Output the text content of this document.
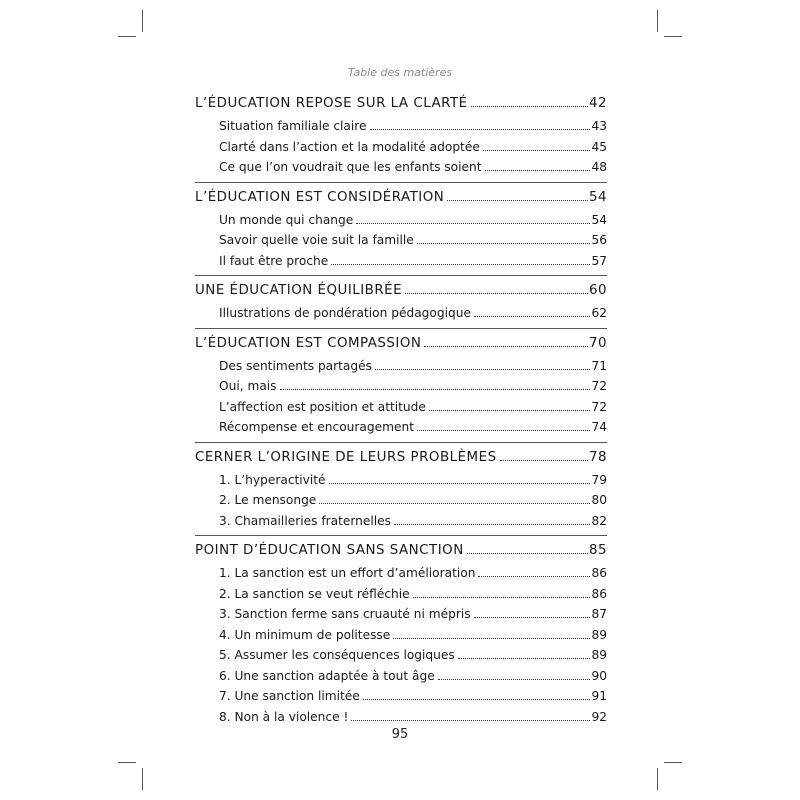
Table des matières
L’ÉDUCATION REPOSE SUR LA CLARTÉ	42
Situation familiale claire	43
Clarté dans l’action et la modalité adoptée	45
Ce que l’on voudrait que les enfants soient	48
L’ÉDUCATION EST CONSIDÉRATION	54
Un monde qui change	54
Savoir quelle voie suit la famille	56
Il faut être proche	57
UNE ÉDUCATION ÉQUILIBRÉE	60
Illustrations de pondération pédagogique	62
L’ÉDUCATION EST COMPASSION	70
Des sentiments partagés	71
Oui, mais	72
L’affection est position et attitude	72
Récompense et encouragement	74
CERNER L’ORIGINE DE LEURS PROBLÈMES	78
1. L’hyperactivité	79
2. Le mensonge	80
3. Chamailleries fraternelles	82
POINT D’ÉDUCATION SANS SANCTION	85
1. La sanction est un effort d’amélioration	86
2. La sanction se veut réfléchie	86
3. Sanction ferme sans cruauté ni mépris	87
4. Un minimum de politesse	89
5. Assumer les conséquences logiques	89
6. Une sanction adaptée à tout âge	90
7. Une sanction limitée	91
8. Non à la violence !	92
95
